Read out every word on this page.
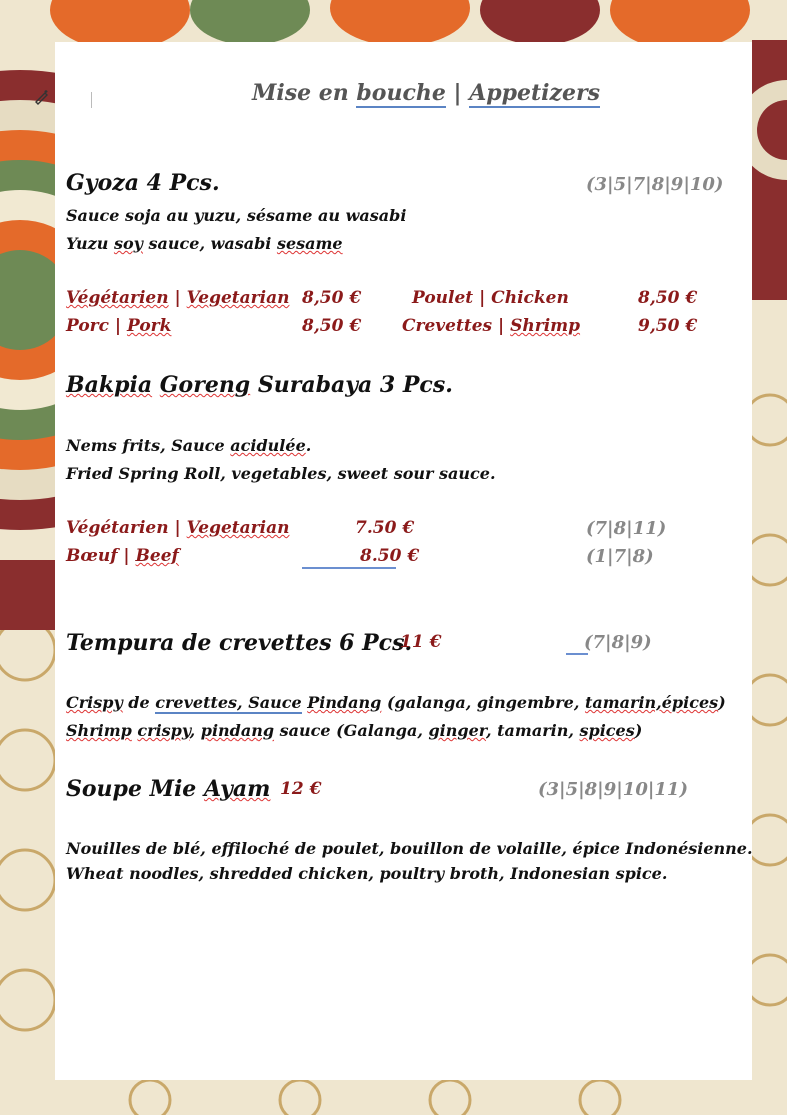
Mise en bouche | Appetizers
Gyoza 4 Pcs.	(3|5|7|8|9|10)
Sauce soja au yuzu, sésame au wasabi
Yuzu soy sauce, wasabi sesame
Végétarien | Vegetarian 8,50 €	Poulet | Chicken	8,50 €
Porc | Pork	8,50 € Crevettes | Shrimp	9,50 €
Bakpia Goreng Surabaya 3 Pcs.
Nems frits, Sauce acidulée.
Fried Spring Roll, vegetables, sweet sour sauce.
Végétarien | Vegetarian	7.50 €	(7|8|11)
Bœuf | Beef	8.50 €	(1|7|8)
Tempura de crevettes 6 Pcs.
11 €	(7|8|9)
Crispy de crevettes, Sauce Pindang (galanga, gingembre, tamarin,épices)
Shrimp crispy, pindang sauce (Galanga, ginger, tamarin, spices)
Soupe Mie Ayam 12 €	(3|5|8|9|10|11)
Nouilles de blé, effiloché de poulet, bouillon de volaille, épice Indonésienne.
Wheat noodles, shredded chicken, poultry broth, Indonesian spice.
